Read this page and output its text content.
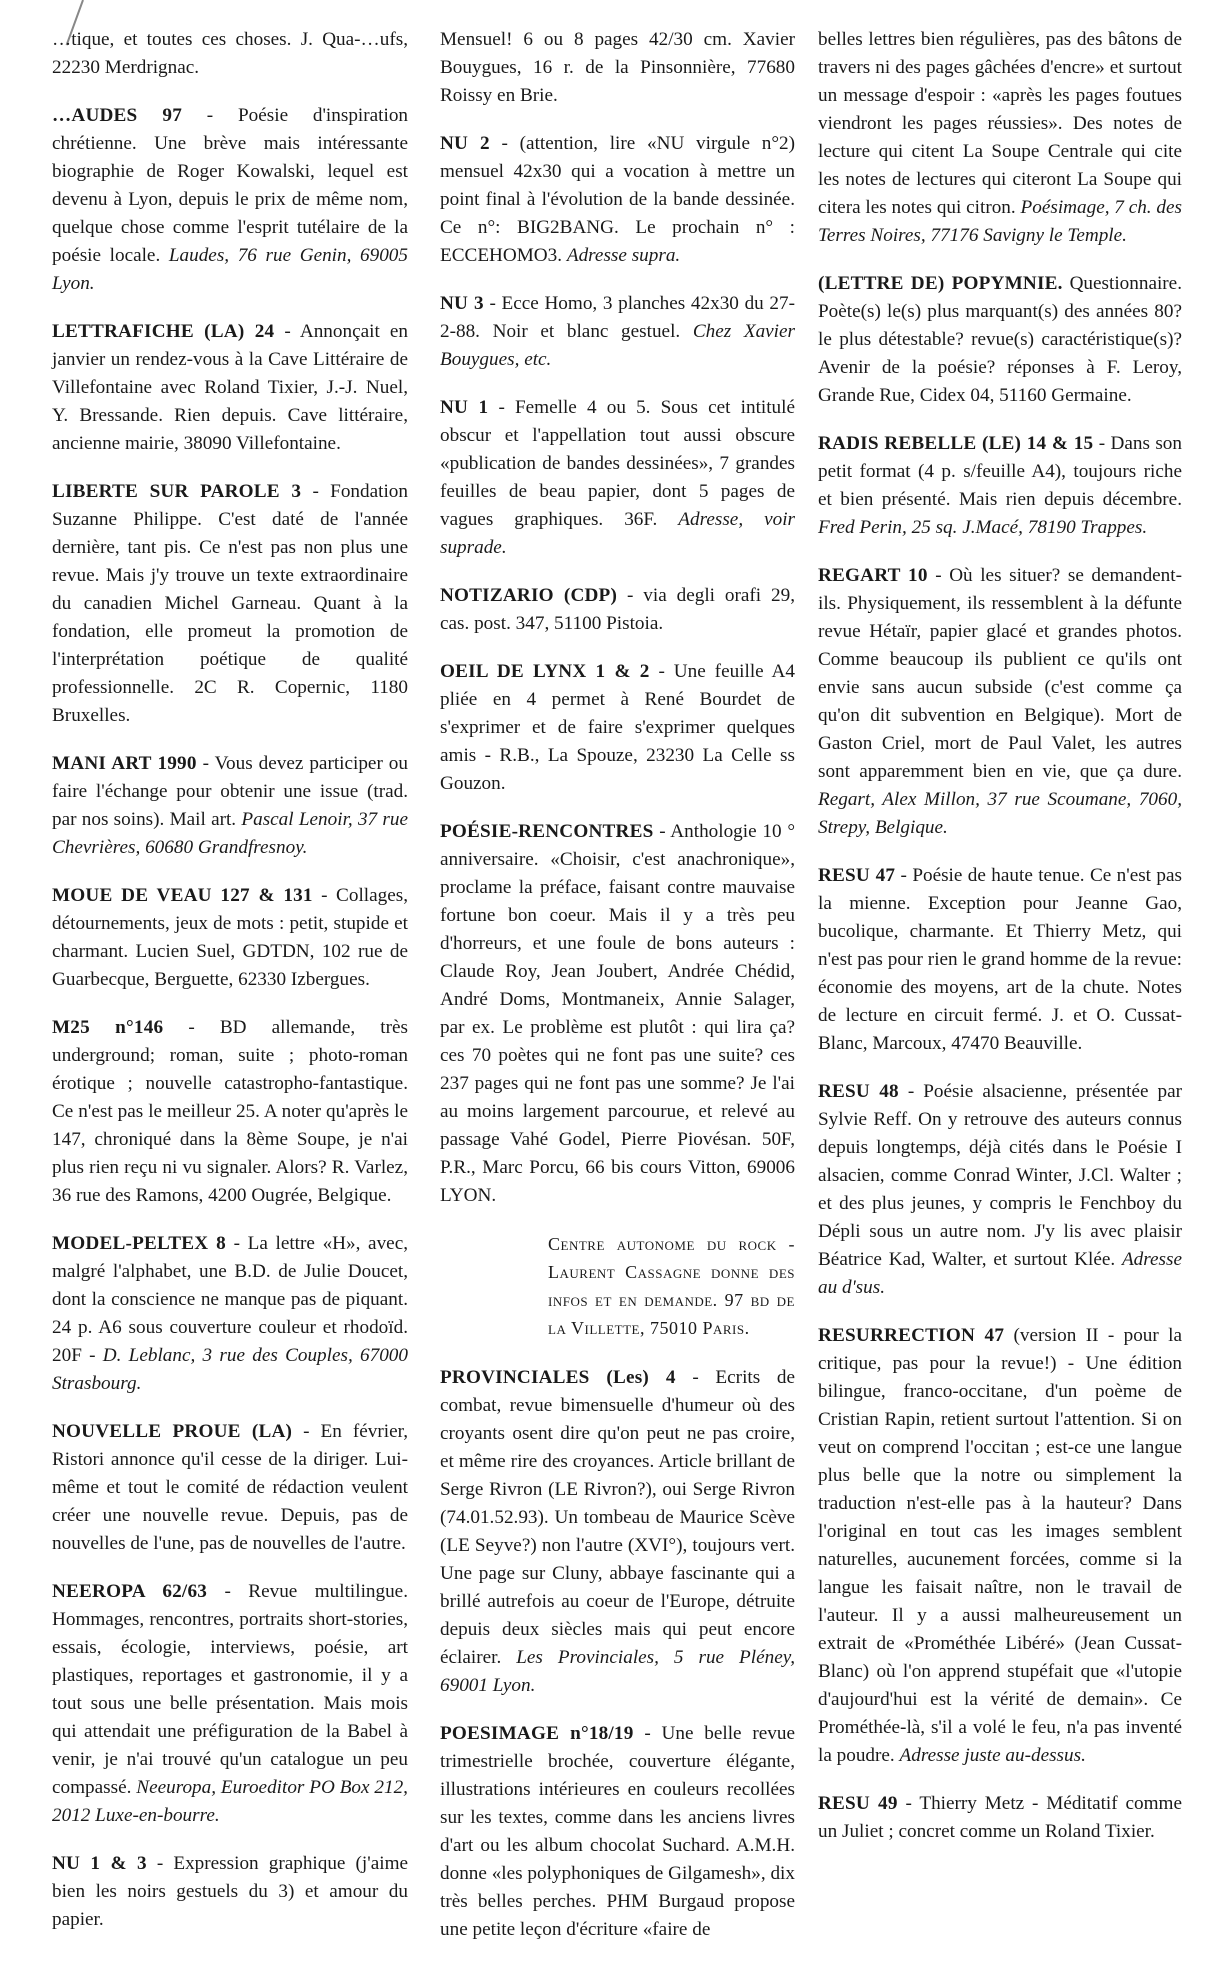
…tique, et toutes ces choses. J. Qua-…ufs, 22230 Merdrignac.
…AUDES 97 - Poésie d'inspiration chrétienne. Une brève mais intéressante biographie de Roger Kowalski, lequel est devenu à Lyon, depuis le prix de même nom, quelque chose comme l'esprit tutélaire de la poésie locale. Laudes, 76 rue Genin, 69005 Lyon.
LETTRAFICHE (LA) 24 - Annonçait en janvier un rendez-vous à la Cave Littéraire de Villefontaine avec Roland Tixier, J.-J. Nuel, Y. Bressande. Rien depuis. Cave littéraire, ancienne mairie, 38090 Villefontaine.
LIBERTE SUR PAROLE 3 - Fondation Suzanne Philippe. C'est daté de l'année dernière, tant pis. Ce n'est pas non plus une revue. Mais j'y trouve un texte extraordinaire du canadien Michel Garneau. Quant à la fondation, elle promeut la promotion de l'interprétation poétique de qualité professionnelle. 2C R. Copernic, 1180 Bruxelles.
MANI ART 1990 - Vous devez participer ou faire l'échange pour obtenir une issue (trad. par nos soins). Mail art. Pascal Lenoir, 37 rue Chevrières, 60680 Grandfresnoy.
MOUE DE VEAU 127 & 131 - Collages, détournements, jeux de mots : petit, stupide et charmant. Lucien Suel, GDTDN, 102 rue de Guarbecque, Berguette, 62330 Izbergues.
M25 n°146 - BD allemande, très underground; roman, suite ; photo-roman érotique ; nouvelle catastropho-fantastique. Ce n'est pas le meilleur 25. A noter qu'après le 147, chroniqué dans la 8ème Soupe, je n'ai plus rien reçu ni vu signaler. Alors? R. Varlez, 36 rue des Ramons, 4200 Ougrée, Belgique.
MODEL-PELTEX 8 - La lettre «H», avec, malgré l'alphabet, une B.D. de Julie Doucet, dont la conscience ne manque pas de piquant. 24 p. A6 sous couverture couleur et rhodoïd. 20F - D. Leblanc, 3 rue des Couples, 67000 Strasbourg.
NOUVELLE PROUE (LA) - En février, Ristori annonce qu'il cesse de la diriger. Lui-même et tout le comité de rédaction veulent créer une nouvelle revue. Depuis, pas de nouvelles de l'une, pas de nouvelles de l'autre.
NEEROPA 62/63 - Revue multilingue. Hommages, rencontres, portraits short-stories, essais, écologie, interviews, poésie, art plastiques, reportages et gastronomie, il y a tout sous une belle présentation. Mais mois qui attendait une préfiguration de la Babel à venir, je n'ai trouvé qu'un catalogue un peu compassé. Neeuropa, Euroeditor PO Box 212, 2012 Luxe-en-bourre.
NU 1 & 3 - Expression graphique (j'aime bien les noirs gestuels du 3) et amour du papier.
Mensuel! 6 ou 8 pages 42/30 cm. Xavier Bouygues, 16 r. de la Pinsonnière, 77680 Roissy en Brie.
NU 2 - (attention, lire «NU virgule n°2) mensuel 42x30 qui a vocation à mettre un point final à l'évolution de la bande dessinée. Ce n°: BIG2BANG. Le prochain n° : ECCEHOMO3. Adresse supra.
NU 3 - Ecce Homo, 3 planches 42x30 du 27-2-88. Noir et blanc gestuel. Chez Xavier Bouygues, etc.
NU 1 - Femelle 4 ou 5. Sous cet intitulé obscur et l'appellation tout aussi obscure «publication de bandes dessinées», 7 grandes feuilles de beau papier, dont 5 pages de vagues graphiques. 36F. Adresse, voir suprade.
NOTIZARIO (CDP) - via degli orafi 29, cas. post. 347, 51100 Pistoia.
OEIL DE LYNX 1 & 2 - Une feuille A4 pliée en 4 permet à René Bourdet de s'exprimer et de faire s'exprimer quelques amis - R.B., La Spouze, 23230 La Celle ss Gouzon.
POÉSIE-RENCONTRES - Anthologie 10 ° anniversaire. «Choisir, c'est anachronique», proclame la préface, faisant contre mauvaise fortune bon coeur. Mais il y a très peu d'horreurs, et une foule de bons auteurs : Claude Roy, Jean Joubert, Andrée Chédid, André Doms, Montmaneix, Annie Salager, par ex. Le problème est plutôt : qui lira ça? ces 70 poètes qui ne font pas une suite? ces 237 pages qui ne font pas une somme? Je l'ai au moins largement parcourue, et relevé au passage Vahé Godel, Pierre Piovésan. 50F, P.R., Marc Porcu, 66 bis cours Vitton, 69006 LYON.
Centre autonome du rock - Laurent Cassagne donne des infos et en demande. 97 bd de la Villette, 75010 Paris.
PROVINCIALES (Les) 4 - Ecrits de combat, revue bimensuelle d'humeur où des croyants osent dire qu'on peut ne pas croire, et même rire des croyances. Article brillant de Serge Rivron (LE Rivron?), oui Serge Rivron (74.01.52.93). Un tombeau de Maurice Scève (LE Seyve?) non l'autre (XVI°), toujours vert. Une page sur Cluny, abbaye fascinante qui a brillé autrefois au coeur de l'Europe, détruite depuis deux siècles mais qui peut encore éclairer. Les Provinciales, 5 rue Pléney, 69001 Lyon.
POESIMAGE n°18/19 - Une belle revue trimestrielle brochée, couverture élégante, illustrations intérieures en couleurs recollées sur les textes, comme dans les anciens livres d'art ou les album chocolat Suchard. A.M.H. donne «les polyphoniques de Gilgamesh», dix très belles perches. PHM Burgaud propose une petite leçon d'écriture «faire de
belles lettres bien régulières, pas des bâtons de travers ni des pages gâchées d'encre» et surtout un message d'espoir : «après les pages foutues viendront les pages réussies». Des notes de lecture qui citent La Soupe Centrale qui cite les notes de lectures qui citeront La Soupe qui citera les notes qui citron. Poésimage, 7 ch. des Terres Noires, 77176 Savigny le Temple.
(LETTRE DE) POPYMNIE. Questionnaire. Poète(s) le(s) plus marquant(s) des années 80? le plus détestable? revue(s) caractéristique(s)? Avenir de la poésie? réponses à F. Leroy, Grande Rue, Cidex 04, 51160 Germaine.
RADIS REBELLE (LE) 14 & 15 - Dans son petit format (4 p. s/feuille A4), toujours riche et bien présenté. Mais rien depuis décembre. Fred Perin, 25 sq. J.Macé, 78190 Trappes.
REGART 10 - Où les situer? se demandent-ils. Physiquement, ils ressemblent à la défunte revue Hétaïr, papier glacé et grandes photos. Comme beaucoup ils publient ce qu'ils ont envie sans aucun subside (c'est comme ça qu'on dit subvention en Belgique). Mort de Gaston Criel, mort de Paul Valet, les autres sont apparemment bien en vie, que ça dure. Regart, Alex Millon, 37 rue Scoumane, 7060, Strepy, Belgique.
RESU 47 - Poésie de haute tenue. Ce n'est pas la mienne. Exception pour Jeanne Gao, bucolique, charmante. Et Thierry Metz, qui n'est pas pour rien le grand homme de la revue: économie des moyens, art de la chute. Notes de lecture en circuit fermé. J. et O. Cussat-Blanc, Marcoux, 47470 Beauville.
RESU 48 - Poésie alsacienne, présentée par Sylvie Reff. On y retrouve des auteurs connus depuis longtemps, déjà cités dans le Poésie I alsacien, comme Conrad Winter, J.Cl. Walter ; et des plus jeunes, y compris le Fenchboy du Dépli sous un autre nom. J'y lis avec plaisir Béatrice Kad, Walter, et surtout Klée. Adresse au d'sus.
RESURRECTION 47 (version II - pour la critique, pas pour la revue!) - Une édition bilingue, franco-occitane, d'un poème de Cristian Rapin, retient surtout l'attention. Si on veut on comprend l'occitan ; est-ce une langue plus belle que la notre ou simplement la traduction n'est-elle pas à la hauteur? Dans l'original en tout cas les images semblent naturelles, aucunement forcées, comme si la langue les faisait naître, non le travail de l'auteur. Il y a aussi malheureusement un extrait de «Prométhée Libéré» (Jean Cussat-Blanc) où l'on apprend stupéfait que «l'utopie d'aujourd'hui est la vérité de demain». Ce Prométhée-là, s'il a volé le feu, n'a pas inventé la poudre. Adresse juste au-dessus.
RESU 49 - Thierry Metz - Méditatif comme un Juliet ; concret comme un Roland Tixier.
